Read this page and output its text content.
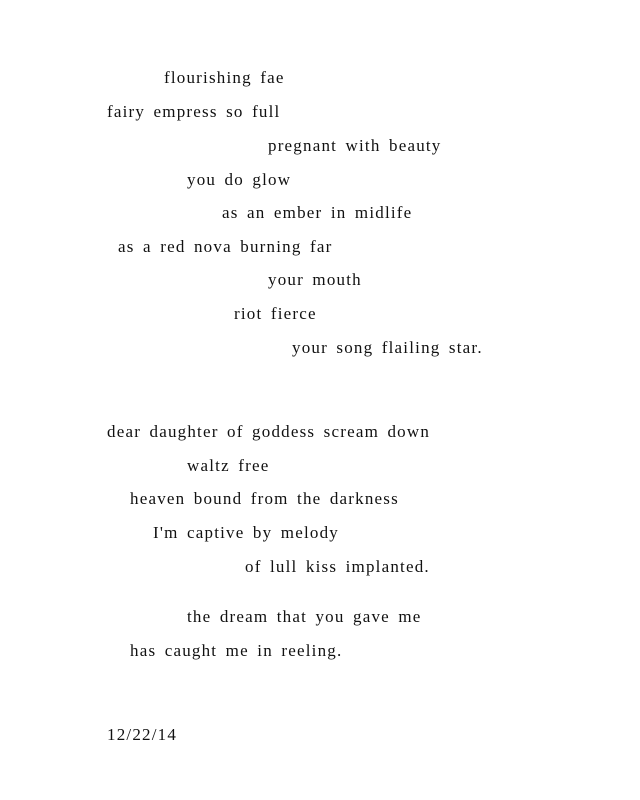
flourishing fae
fairy empress so full
pregnant with beauty
you do glow
as an ember in midlife
as a red nova burning far
your mouth
riot fierce
your song flailing star.
dear daughter of goddess scream down
waltz free
heaven bound from the darkness
I'm captive by melody
of lull kiss implanted.
the dream that you gave me
has caught me in reeling.
12/22/14
